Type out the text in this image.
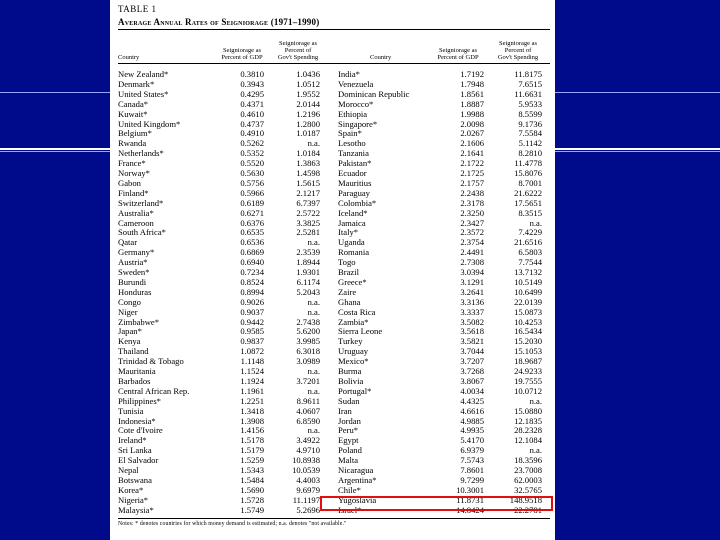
TABLE 1
Average Annual Rates of Seigniorage (1971–1990)
Country
Seigniorage as
Percent of GDP
Seigniorage as
Percent of
Gov't Spending	Country
Seigniorage as
Percent of GDP
Seigniorage as
Percent of
Gov't Spending
New Zealand*	0.3810	1.0436 India*	1.7192	11.8175
Denmark*	0.3943	1.0512 Venezuela	1.7948	7.6515
United States*	0.4295	1.9552 Dominican Republic	1.8561	11.6631
Canada*	0.4371	2.0144 Morocco*	1.8887	5.9533
Kuwait*	0.4610	1.2196 Ethiopia	1.9988	8.5599
United Kingdom*	0.4737	1.2800 Singapore*	2.0098	9.1736
Belgium*	0.4910	1.0187 Spain*	2.0267	7.5584
Rwanda	0.5262	n.a. Lesotho	2.1606	5.1142
Netherlands*	0.5352	1.0184 Tanzania	2.1641	8.2810
France*	0.5520	1.3863 Pakistan*	2.1722	11.4778
Norway*	0.5630	1.4598 Ecuador	2.1725	15.8076
Gabon	0.5756	1.5615 Mauritius	2.1757	8.7001
Finland*	0.5966	2.1217 Paraguay	2.2438	21.6222
Switzerland*	0.6189	6.7397 Colombia*	2.3178	17.5651
Australia*	0.6271	2.5722 Iceland*	2.3250	8.3515
Cameroon	0.6376	3.3825 Jamaica	2.3427	n.a.
South Africa*	0.6535	2.5281 Italy*	2.3572	7.4229
Qatar	0.6536	n.a. Uganda	2.3754	21.6516
Germany*	0.6869	2.3539 Romania	2.4491	6.5803
Austria*	0.6940	1.8944 Togo	2.7308	7.7544
Sweden*	0.7234	1.9301 Brazil	3.0394	13.7132
Burundi	0.8524	6.1174 Greece*	3.1291	10.5149
Honduras	0.8994	5.2043 Zaire	3.2641	10.6499
Congo	0.9026	n.a. Ghana	3.3136	22.0139
Niger	0.9037	n.a. Costa Rica	3.3337	15.0873
Zimbabwe*	0.9442	2.7438 Zambia*	3.5082	10.4253
Japan*	0.9585	5.6200 Sierra Leone	3.5618	16.5434
Kenya	0.9837	3.9985 Turkey	3.5821	15.2030
Thailand	1.0872	6.3018 Uruguay	3.7044	15.1053
Trinidad & Tobago	1.1148	3.0989 Mexico*	3.7207	18.9687
Mauritania	1.1524	n.a. Burma	3.7268	24.9233
Barbados	1.1924	3.7201 Bolivia	3.8067	19.7555
Central African Rep.	1.1961	n.a. Portugal*	4.0034	10.0712
Philippines*	1.2251	8.9611 Sudan	4.4325	n.a.
Tunisia	1.3418	4.0607 Iran	4.6616	15.0880
Indonesia*	1.3908	6.8590 Jordan	4.9885	12.1835
Cote d'Ivoire	1.4156	n.a. Peru*	4.9935	28.2328
Ireland*	1.5178	3.4922 Egypt	5.4170	12.1084
Sri Lanka	1.5179	4.9710 Poland	6.9379	n.a.
El Salvador	1.5259	10.8938 Malta	7.5743	18.3596
Nepal	1.5343	10.0539 Nicaragua	7.8601	23.7008
Botswana	1.5484	4.4003 Argentina*	9.7299	62.0003
Korea*	1.5690	9.6979 Chile*	10.3001	32.5765
Nigeria*	1.5728	11.1197 Yugoslavia	11.8731	148.9518
Malaysia*	1.5749	5.2696 Israel*	14.8424	22.2781
Notes: * denotes countries for which money demand is estimated; n.a. denotes "not available."
